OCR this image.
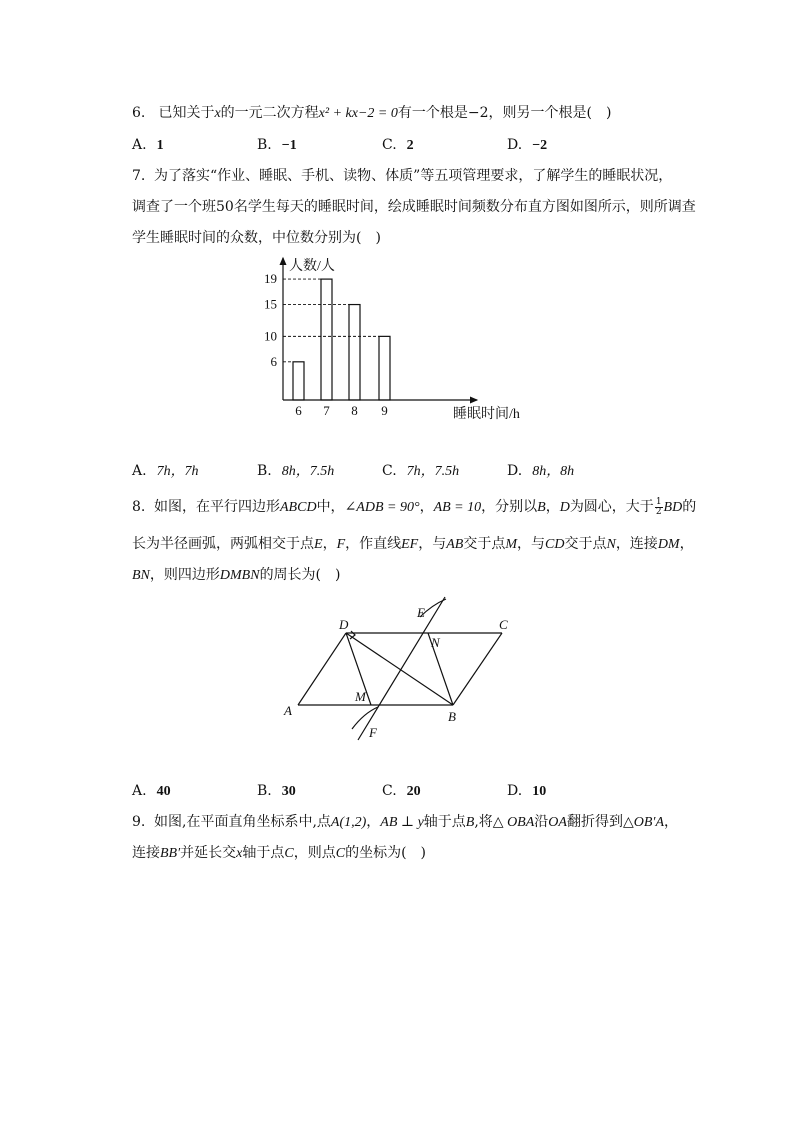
6. 已知关于x的一元二次方程x² + kx−2 = 0有一个根是−2，则另一个根是(　)
A. 1	B. −1	C. 2	D. −2
7. 为了落实“作业、睡眠、手机、读物、体质”等五项管理要求，了解学生的睡眠状况，
调查了一个班50名学生每天的睡眠时间，绘成睡眠时间频数分布直方图如图所示，则所调查
学生睡眠时间的众数，中位数分别为(　)
人数/人
睡眠时间/h
6 7 8 9
6
10
15
19
A. 7h，7h	B. 8h，7.5h	C. 7h，7.5h	D. 8h，8h
8. 如图，在平行四边形ABCD中，∠ADB = 90°，AB = 10，分别以B，D为圆心，大于 $\frac{1}{2}$ BD的
长为半径画弧，两弧相交于点E，F，作直线EF，与AB交于点M，与CD交于点N，连接DM，
BN，则四边形DMBN的周长为(　)
A	B
C
D
E
F
M
N
A. 40	B. 30	C. 20	D. 10
9. 如图,在平面直角坐标系中,点A(1,2)，AB ⊥ y轴于点B,将△ OBA沿OA翻折得到△OB′A，
连接BB′并延长交x轴于点C，则点C的坐标为(　)
